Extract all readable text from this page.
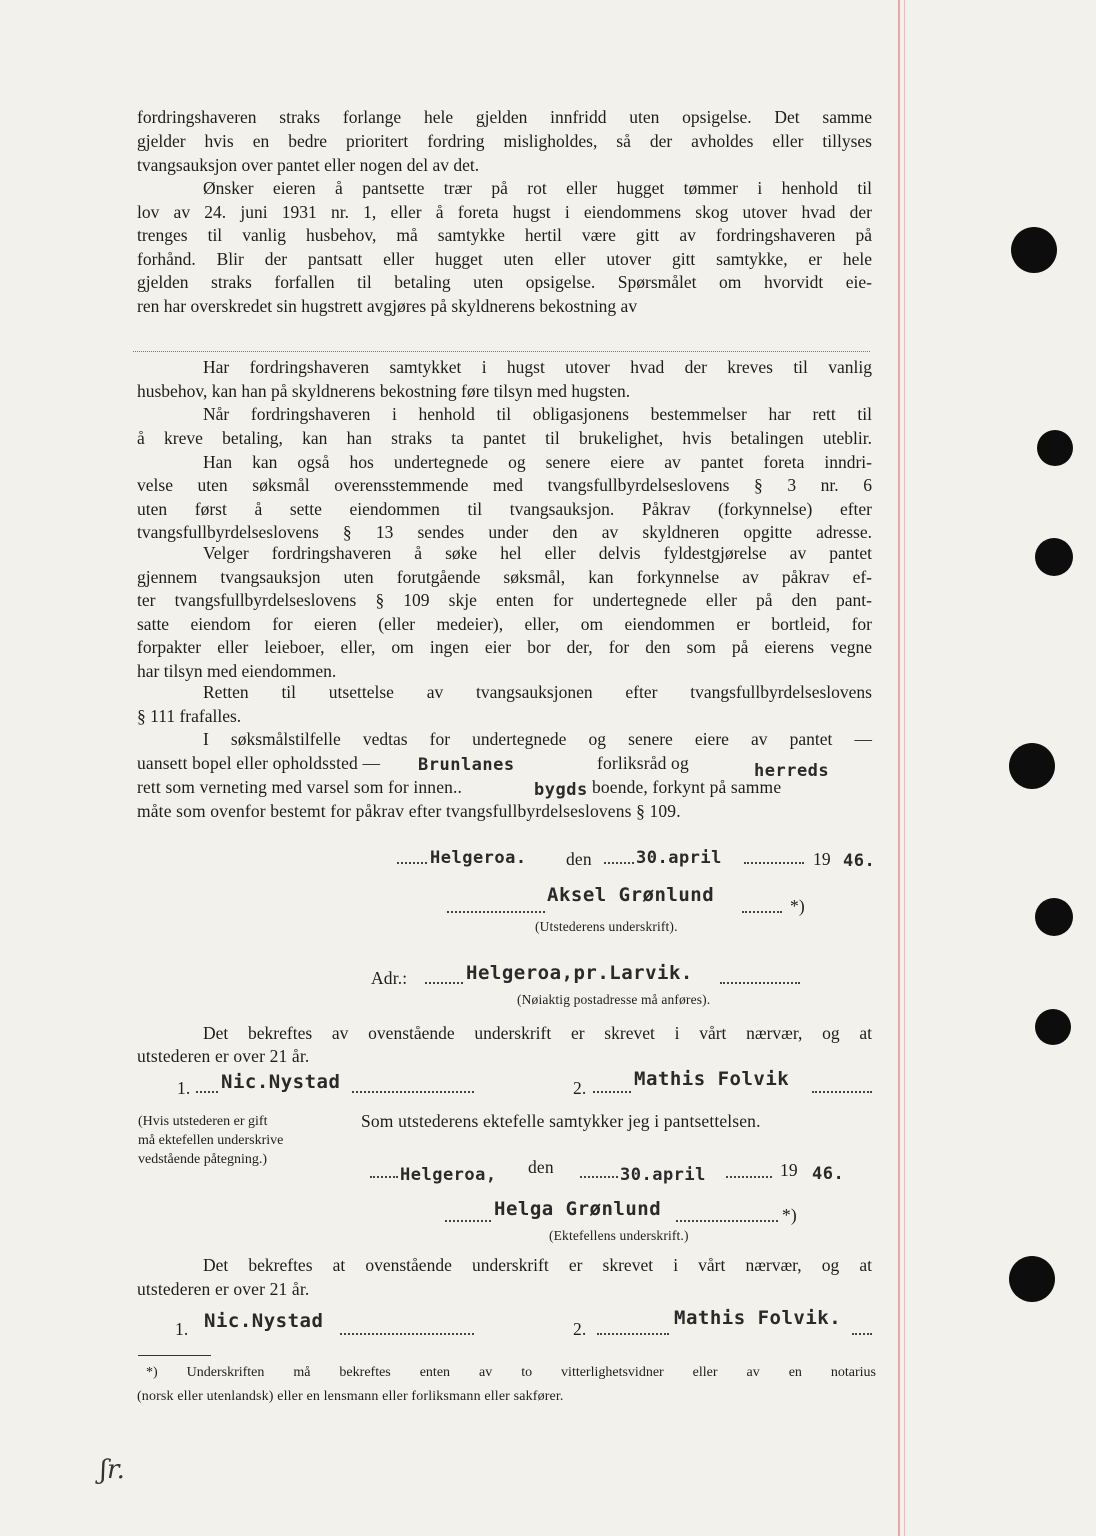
fordringshaveren straks forlange hele gjelden innfridd uten opsigelse. Det samme
gjelder hvis en bedre prioritert fordring misligholdes, så der avholdes eller tillyses
tvangsauksjon over pantet eller nogen del av det.
Ønsker eieren å pantsette trær på rot eller hugget tømmer i henhold til
lov av 24. juni 1931 nr. 1, eller å foreta hugst i eiendommens skog utover hvad der
trenges til vanlig husbehov, må samtykke hertil være gitt av fordringshaveren på
forhånd. Blir der pantsatt eller hugget uten eller utover gitt samtykke, er hele
gjelden straks forfallen til betaling uten opsigelse. Spørsmålet om hvorvidt eie-
ren har overskredet sin hugstrett avgjøres på skyldnerens bekostning av
Har fordringshaveren samtykket i hugst utover hvad der kreves til vanlig
husbehov, kan han på skyldnerens bekostning føre tilsyn med hugsten.
Når fordringshaveren i henhold til obligasjonens bestemmelser har rett til
å kreve betaling, kan han straks ta pantet til brukelighet, hvis betalingen uteblir.
Han kan også hos undertegnede og senere eiere av pantet foreta inndri-
velse uten søksmål overensstemmende med tvangsfullbyrdelseslovens § 3 nr. 6
uten først å sette eiendommen til tvangsauksjon. Påkrav (forkynnelse) efter
tvangsfullbyrdelseslovens § 13 sendes under den av skyldneren opgitte adresse.
Velger fordringshaveren å søke hel eller delvis fyldestgjørelse av pantet
gjennem tvangsauksjon uten forutgående søksmål, kan forkynnelse av påkrav ef-
ter tvangsfullbyrdelseslovens § 109 skje enten for undertegnede eller på den pant-
satte eiendom for eieren (eller medeier), eller, om eiendommen er bortleid, for
forpakter eller leieboer, eller, om ingen eier bor der, for den som på eierens vegne
har tilsyn med eiendommen.
Retten til utsettelse av tvangsauksjonen efter tvangsfullbyrdelseslovens
§ 111 frafalles.
I søksmålstilfelle vedtas for undertegnede og senere eiere av pantet —
uansett bopel eller opholdssted — Brunlanes	forliksråd og	herreds
rett som verneting med varsel som for innen..	bygds boende, forkynt på samme
måte som ovenfor bestemt for påkrav efter tvangsfullbyrdelseslovens § 109.
Helgeroa. den	30.april	19 46.
Aksel Grønlund	*)
(Utstederens underskrift).
Adr.:	Helgeroa,pr.Larvik.
(Nøiaktig postadresse må anføres).
Det bekreftes av ovenstående underskrift er skrevet i vårt nærvær, og at
utstederen er over 21 år.
1. Nic.Nystad	2.	Mathis Folvik
(Hvis utstederen er gift
må ektefellen underskrive
vedstående påtegning.)
Som utstederens ektefelle samtykker jeg i pantsettelsen.
Helgeroa, den	30.april	19 46.
Helga Grønlund	*)
(Ektefellens underskrift.)
Det bekreftes at ovenstående underskrift er skrevet i vårt nærvær, og at
utstederen er over 21 år.
1. Nic.Nystad	2.	Mathis Folvik.
*) Underskriften må bekreftes enten av to vitterlighetsvidner eller av en notarius
(norsk eller utenlandsk) eller en lensmann eller forliksmann eller sakfører.
ʃr.
